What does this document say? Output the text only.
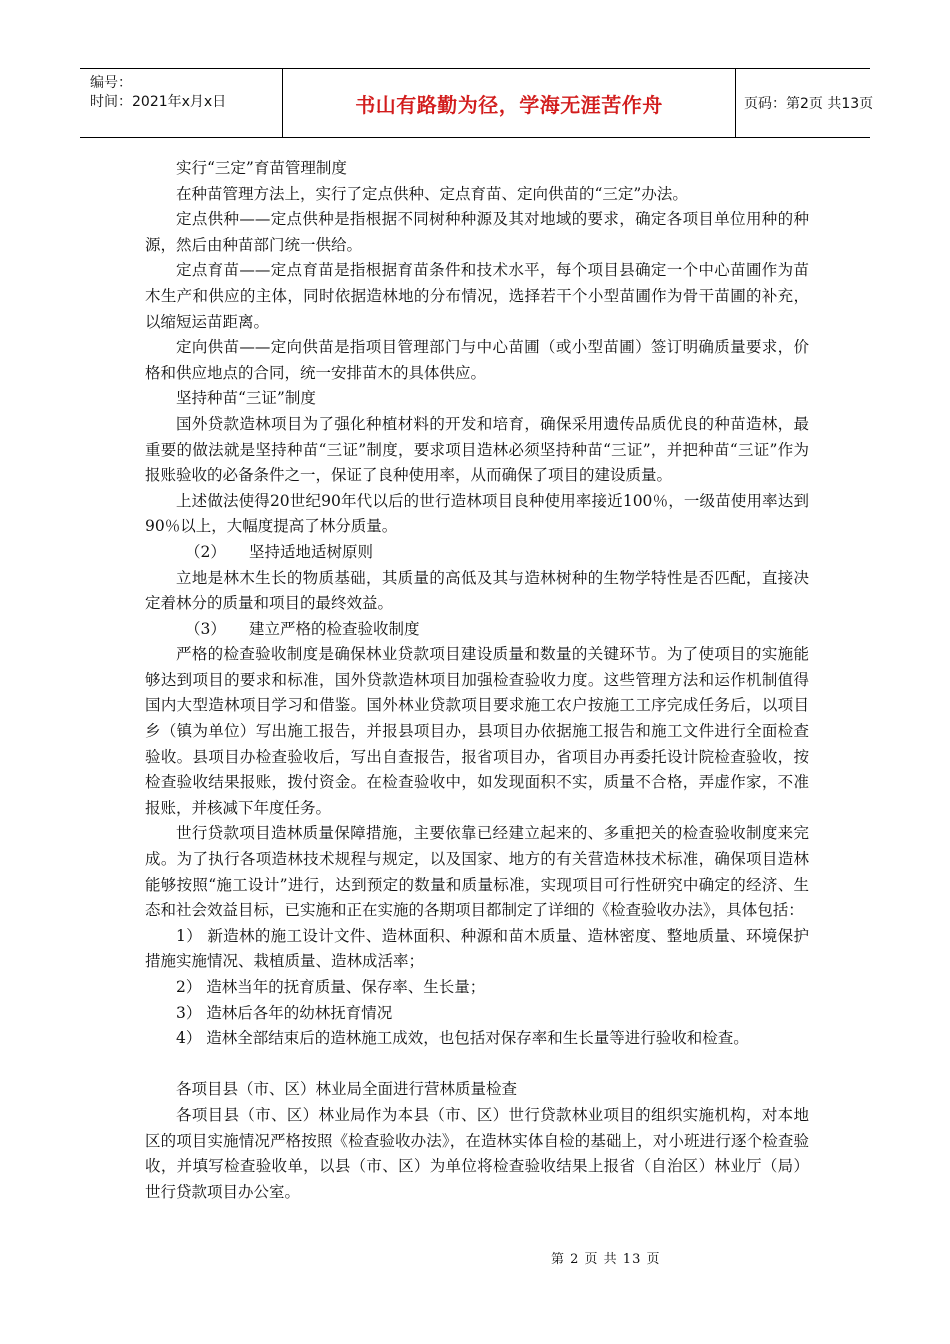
编号：
时间：2021年x月x日	书山有路勤为径，学海无涯苦作舟	页码：第2页 共13页

实行“三定”育苗管理制度

在种苗管理方法上，实行了定点供种、定点育苗、定向供苗的“三定”办法。

定点供种——定点供种是指根据不同树种种源及其对地域的要求，确定各项目单位用种的种源，然后由种苗部门统一供给。

定点育苗——定点育苗是指根据育苗条件和技术水平，每个项目县确定一个中心苗圃作为苗木生产和供应的主体，同时依据造林地的分布情况，选择若干个小型苗圃作为骨干苗圃的补充，以缩短运苗距离。

定向供苗——定向供苗是指项目管理部门与中心苗圃（或小型苗圃）签订明确质量要求，价格和供应地点的合同，统一安排苗木的具体供应。

坚持种苗“三证”制度

国外贷款造林项目为了强化种植材料的开发和培育，确保采用遗传品质优良的种苗造林，最重要的做法就是坚持种苗“三证”制度，要求项目造林必须坚持种苗“三证”，并把种苗“三证”作为报账验收的必备条件之一，保证了良种使用率，从而确保了项目的建设质量。

上述做法使得20世纪90年代以后的世行造林项目良种使用率接近100％，一级苗使用率达到90％以上，大幅度提高了林分质量。

（2） 坚持适地适树原则

立地是林木生长的物质基础，其质量的高低及其与造林树种的生物学特性是否匹配，直接决定着林分的质量和项目的最终效益。

（3） 建立严格的检查验收制度

严格的检查验收制度是确保林业贷款项目建设质量和数量的关键环节。为了使项目的实施能够达到项目的要求和标准，国外贷款造林项目加强检查验收力度。这些管理方法和运作机制值得国内大型造林项目学习和借鉴。国外林业贷款项目要求施工农户按施工工序完成任务后，以项目乡（镇为单位）写出施工报告，并报县项目办，县项目办依据施工报告和施工文件进行全面检查验收。县项目办检查验收后，写出自查报告，报省项目办，省项目办再委托设计院检查验收，按检查验收结果报账，拨付资金。在检查验收中，如发现面积不实，质量不合格，弄虚作家，不准报账，并核减下年度任务。

世行贷款项目造林质量保障措施，主要依靠已经建立起来的、多重把关的检查验收制度来完成。为了执行各项造林技术规程与规定，以及国家、地方的有关营造林技术标准，确保项目造林能够按照“施工设计”进行，达到预定的数量和质量标准，实现项目可行性研究中确定的经济、生态和社会效益目标，已实施和正在实施的各期项目都制定了详细的《检查验收办法》，具体包括：

1） 新造林的施工设计文件、造林面积、种源和苗木质量、造林密度、整地质量、环境保护措施实施情况、栽植质量、造林成活率；

2） 造林当年的抚育质量、保存率、生长量；

3） 造林后各年的幼林抚育情况

4） 造林全部结束后的造林施工成效，也包括对保存率和生长量等进行验收和检查。

各项目县（市、区）林业局全面进行营林质量检查

各项目县（市、区）林业局作为本县（市、区）世行贷款林业项目的组织实施机构，对本地区的项目实施情况严格按照《检查验收办法》，在造林实体自检的基础上，对小班进行逐个检查验收，并填写检查验收单，以县（市、区）为单位将检查验收结果上报省（自治区）林业厅（局）世行贷款项目办公室。

第 2 页 共 13 页
